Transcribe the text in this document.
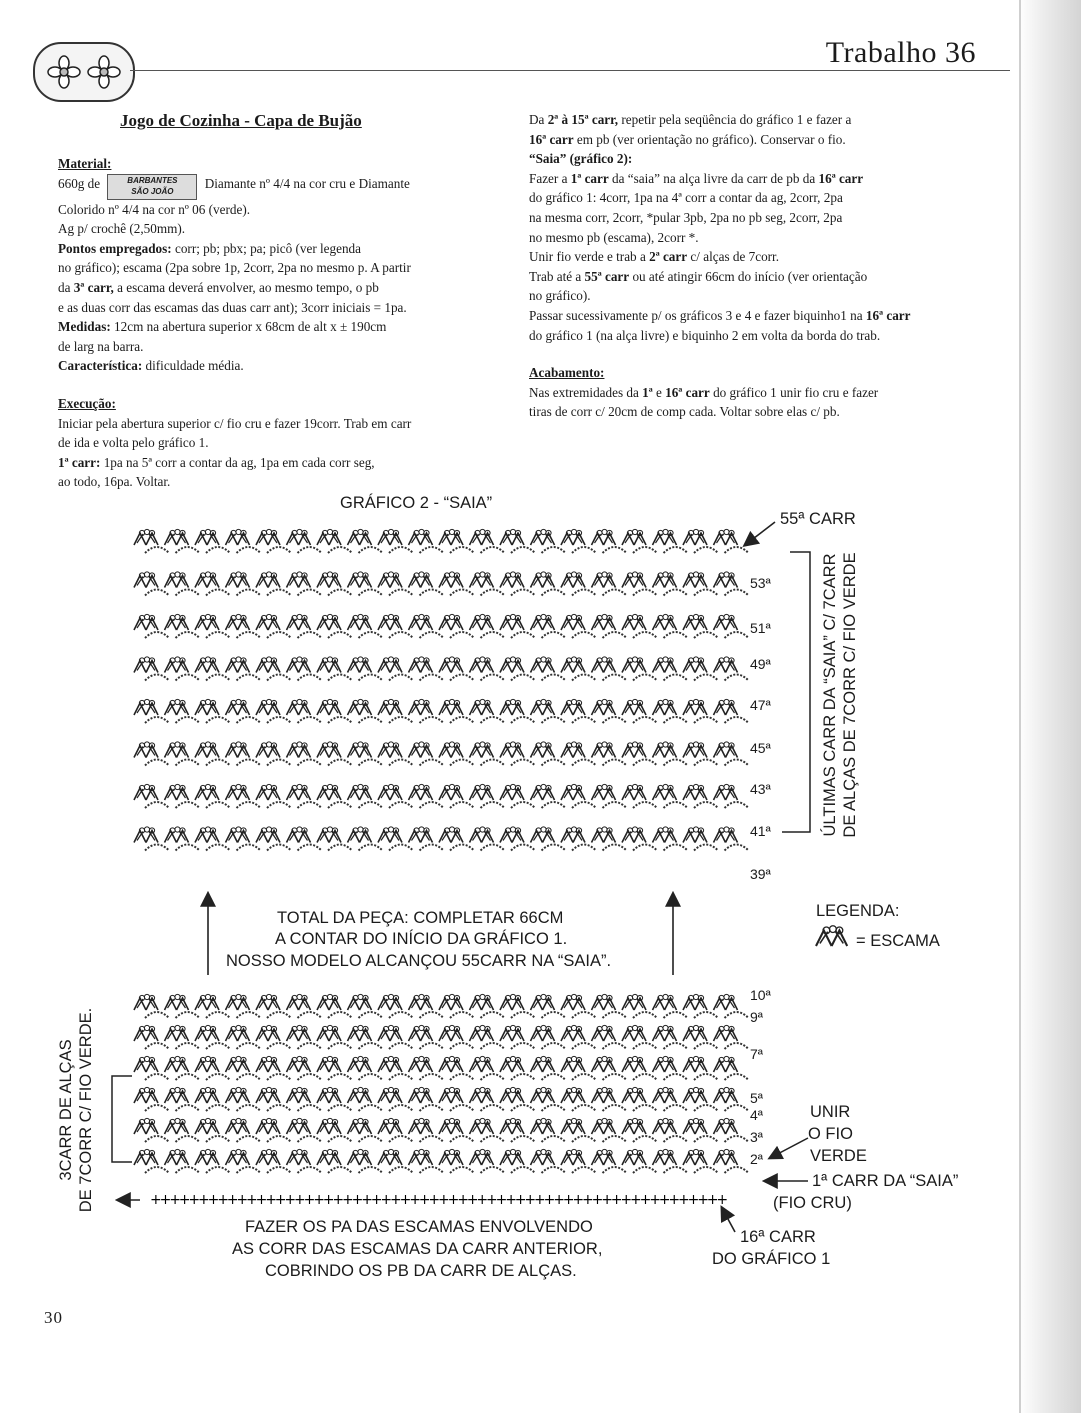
Trabalho 36
Jogo de Cozinha - Capa de Bujão

Material:

660g de	BARBANTES
SÃO JOÃO Diamante nº 4/4 na cor cru e Diamante

Colorido nº 4/4 na cor nº 06 (verde).

Ag p/ crochê (2,50mm).

Pontos empregados: corr; pb; pbx; pa; picô (ver legenda

no gráfico); escama (2pa sobre 1p, 2corr, 2pa no mesmo p. A partir

da 3ª carr, a escama deverá envolver, ao mesmo tempo, o pb

e as duas corr das escamas das duas carr ant); 3corr iniciais = 1pa.

Medidas: 12cm na abertura superior x 68cm de alt x ± 190cm

de larg na barra.

Característica: dificuldade média.

Execução:

Iniciar pela abertura superior c/ fio cru e fazer 19corr. Trab em carr

de ida e volta pelo gráfico 1.

1ª carr: 1pa na 5ª corr a contar da ag, 1pa em cada corr seg,

ao todo, 16pa. Voltar.

Da 2ª à 15ª carr, repetir pela seqüência do gráfico 1 e fazer a

16ª carr em pb (ver orientação no gráfico). Conservar o fio.

“Saia” (gráfico 2):

Fazer a 1ª carr da “saia” na alça livre da carr de pb da 16ª carr

do gráfico 1: 4corr, 1pa na 4ª corr a contar da ag, 2corr, 2pa

na mesma corr, 2corr, *pular 3pb, 2pa no pb seg, 2corr, 2pa

no mesmo pb (escama), 2corr *.

Unir fio verde e trab a 2ª carr c/ alças de 7corr.

Trab até a 55ª carr ou até atingir 66cm do início (ver orientação

no gráfico).

Passar sucessivamente p/ os gráficos 3 e 4 e fazer biquinho1 na 16ª carr

do gráfico 1 (na alça livre) e biquinho 2 em volta da borda do trab.

Acabamento:

Nas extremidades da 1ª e 16ª carr do gráfico 1 unir fio cru e fazer

tiras de corr c/ 20cm de comp cada. Voltar sobre elas c/ pb.

GRÁFICO 2 - “SAIA”
+
+
+
+
+
+
+
+
+
+
+
+
+
+
+
+
+
+
+
+
+
+
+
+
+
+
+
+
+
+
+
+
+
+
+
+
+
+
+
+
+
+
+
+
+
+
+
+
+
+
+
+
+
+
+
+
+
+
+
+
55ª CARR
53ª
51ª
49ª
47ª
45ª
43ª
41ª
39ª
10ª
9ª
7ª
5ª
4ª
3ª
2ª
ÚLTIMAS CARR DA “SAIA” C/ 7CARR
DE ALÇAS DE 7CORR C/ FIO VERDE
3CARR DE ALÇAS
DE 7CORR C/ FIO VERDE.
TOTAL DA PEÇA: COMPLETAR 66CM
A CONTAR DO INÍCIO DA GRÁFICO 1.
NOSSO MODELO ALCANÇOU 55CARR NA “SAIA”.
LEGENDA:
= ESCAMA
UNIR
O FIO
VERDE
1ª CARR DA “SAIA”
(FIO CRU)
FAZER OS PA DAS ESCAMAS ENVOLVENDO
AS CORR DAS ESCAMAS DA CARR ANTERIOR,
COBRINDO OS PB DA CARR DE ALÇAS.
16ª CARR
DO GRÁFICO 1
30
